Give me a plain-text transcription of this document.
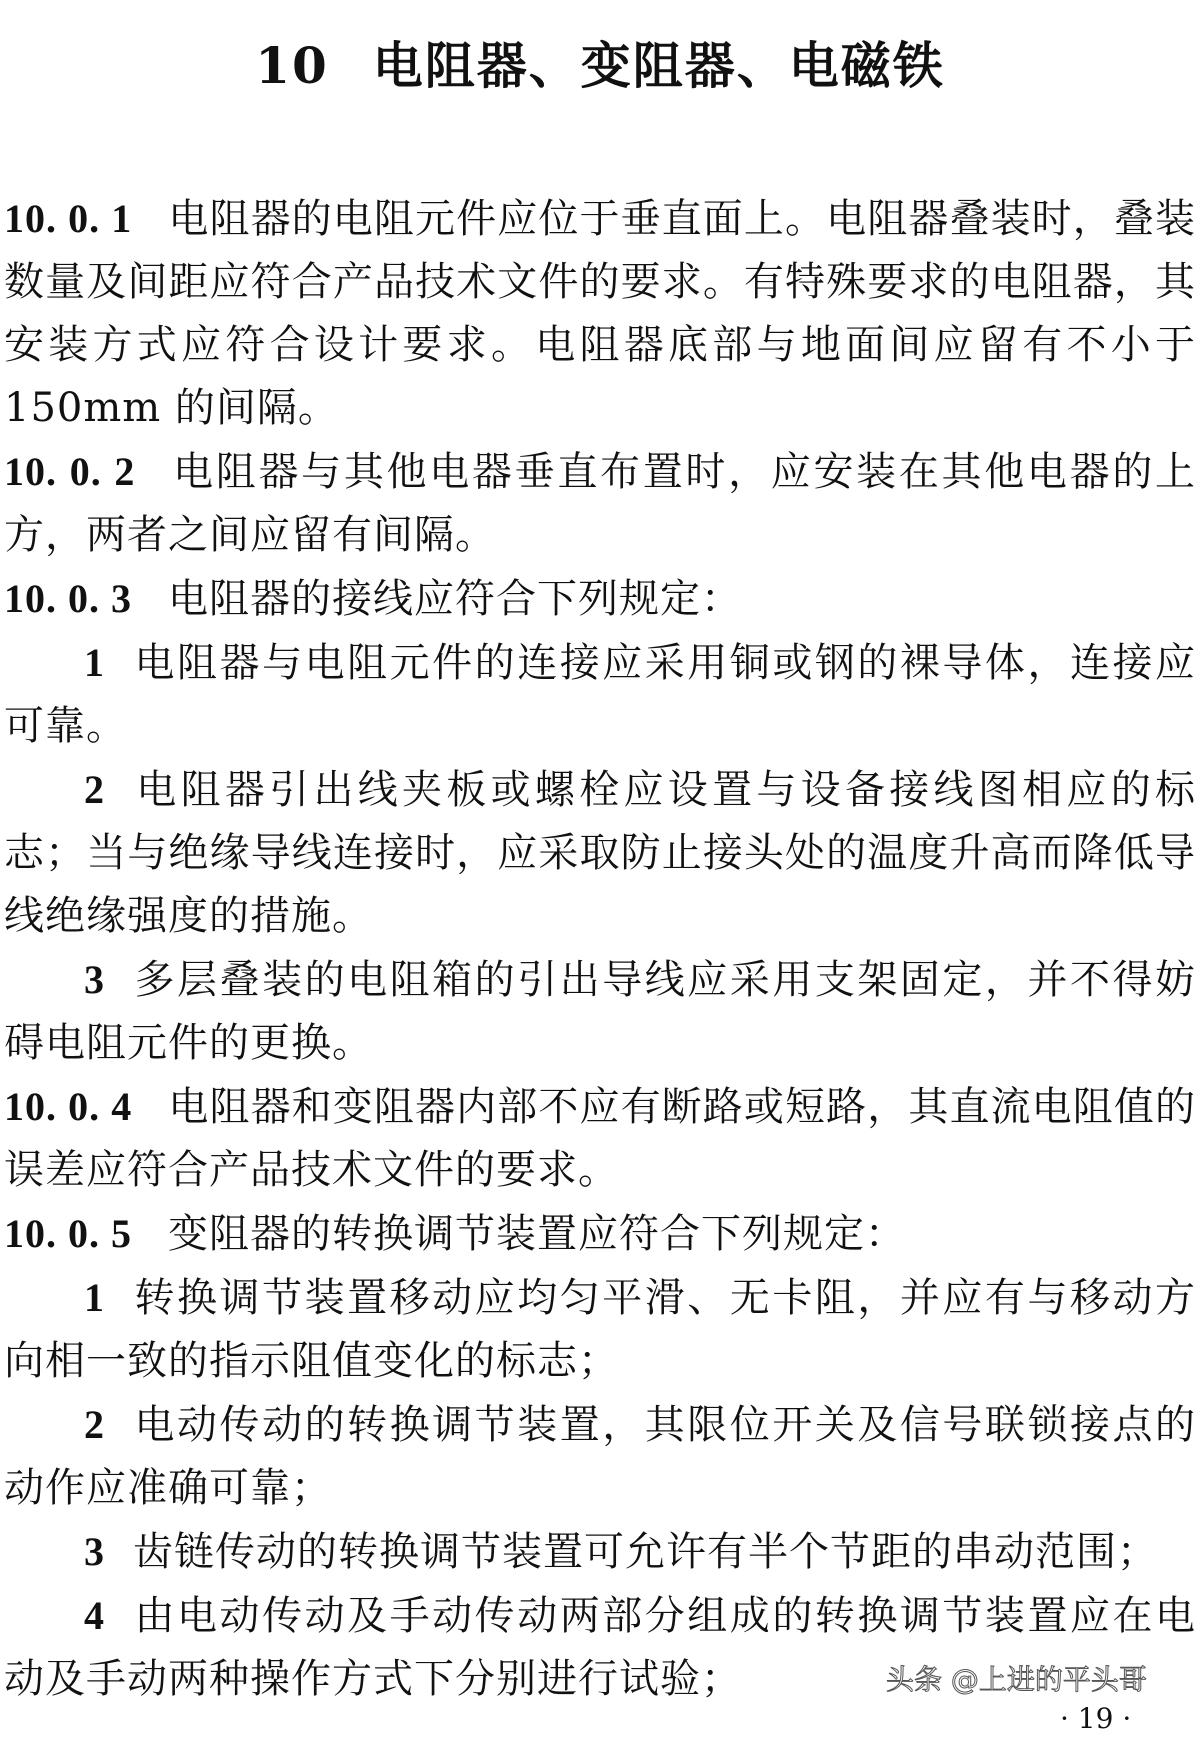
10 电阻器、变阻器、电磁铁

10. 0. 1 电阻器的电阻元件应位于垂直面上。电阻器叠装时，叠装数量及间距应符合产品技术文件的要求。有特殊要求的电阻器，其安装方式应符合设计要求。电阻器底部与地面间应留有不小于 150mm 的间隔。

10. 0. 2 电阻器与其他电器垂直布置时，应安装在其他电器的上方，两者之间应留有间隔。

10. 0. 3 电阻器的接线应符合下列规定：

1 电阻器与电阻元件的连接应采用铜或钢的裸导体，连接应可靠。

2 电阻器引出线夹板或螺栓应设置与设备接线图相应的标志；当与绝缘导线连接时，应采取防止接头处的温度升高而降低导线绝缘强度的措施。

3 多层叠装的电阻箱的引出导线应采用支架固定，并不得妨碍电阻元件的更换。

10. 0. 4 电阻器和变阻器内部不应有断路或短路，其直流电阻值的误差应符合产品技术文件的要求。

10. 0. 5 变阻器的转换调节装置应符合下列规定：

1 转换调节装置移动应均匀平滑、无卡阻，并应有与移动方向相一致的指示阻值变化的标志；

2 电动传动的转换调节装置，其限位开关及信号联锁接点的动作应准确可靠；

3 齿链传动的转换调节装置可允许有半个节距的串动范围；

4 由电动传动及手动传动两部分组成的转换调节装置应在电动及手动两种操作方式下分别进行试验；	头条 @上进的平头哥
· 19 ·
